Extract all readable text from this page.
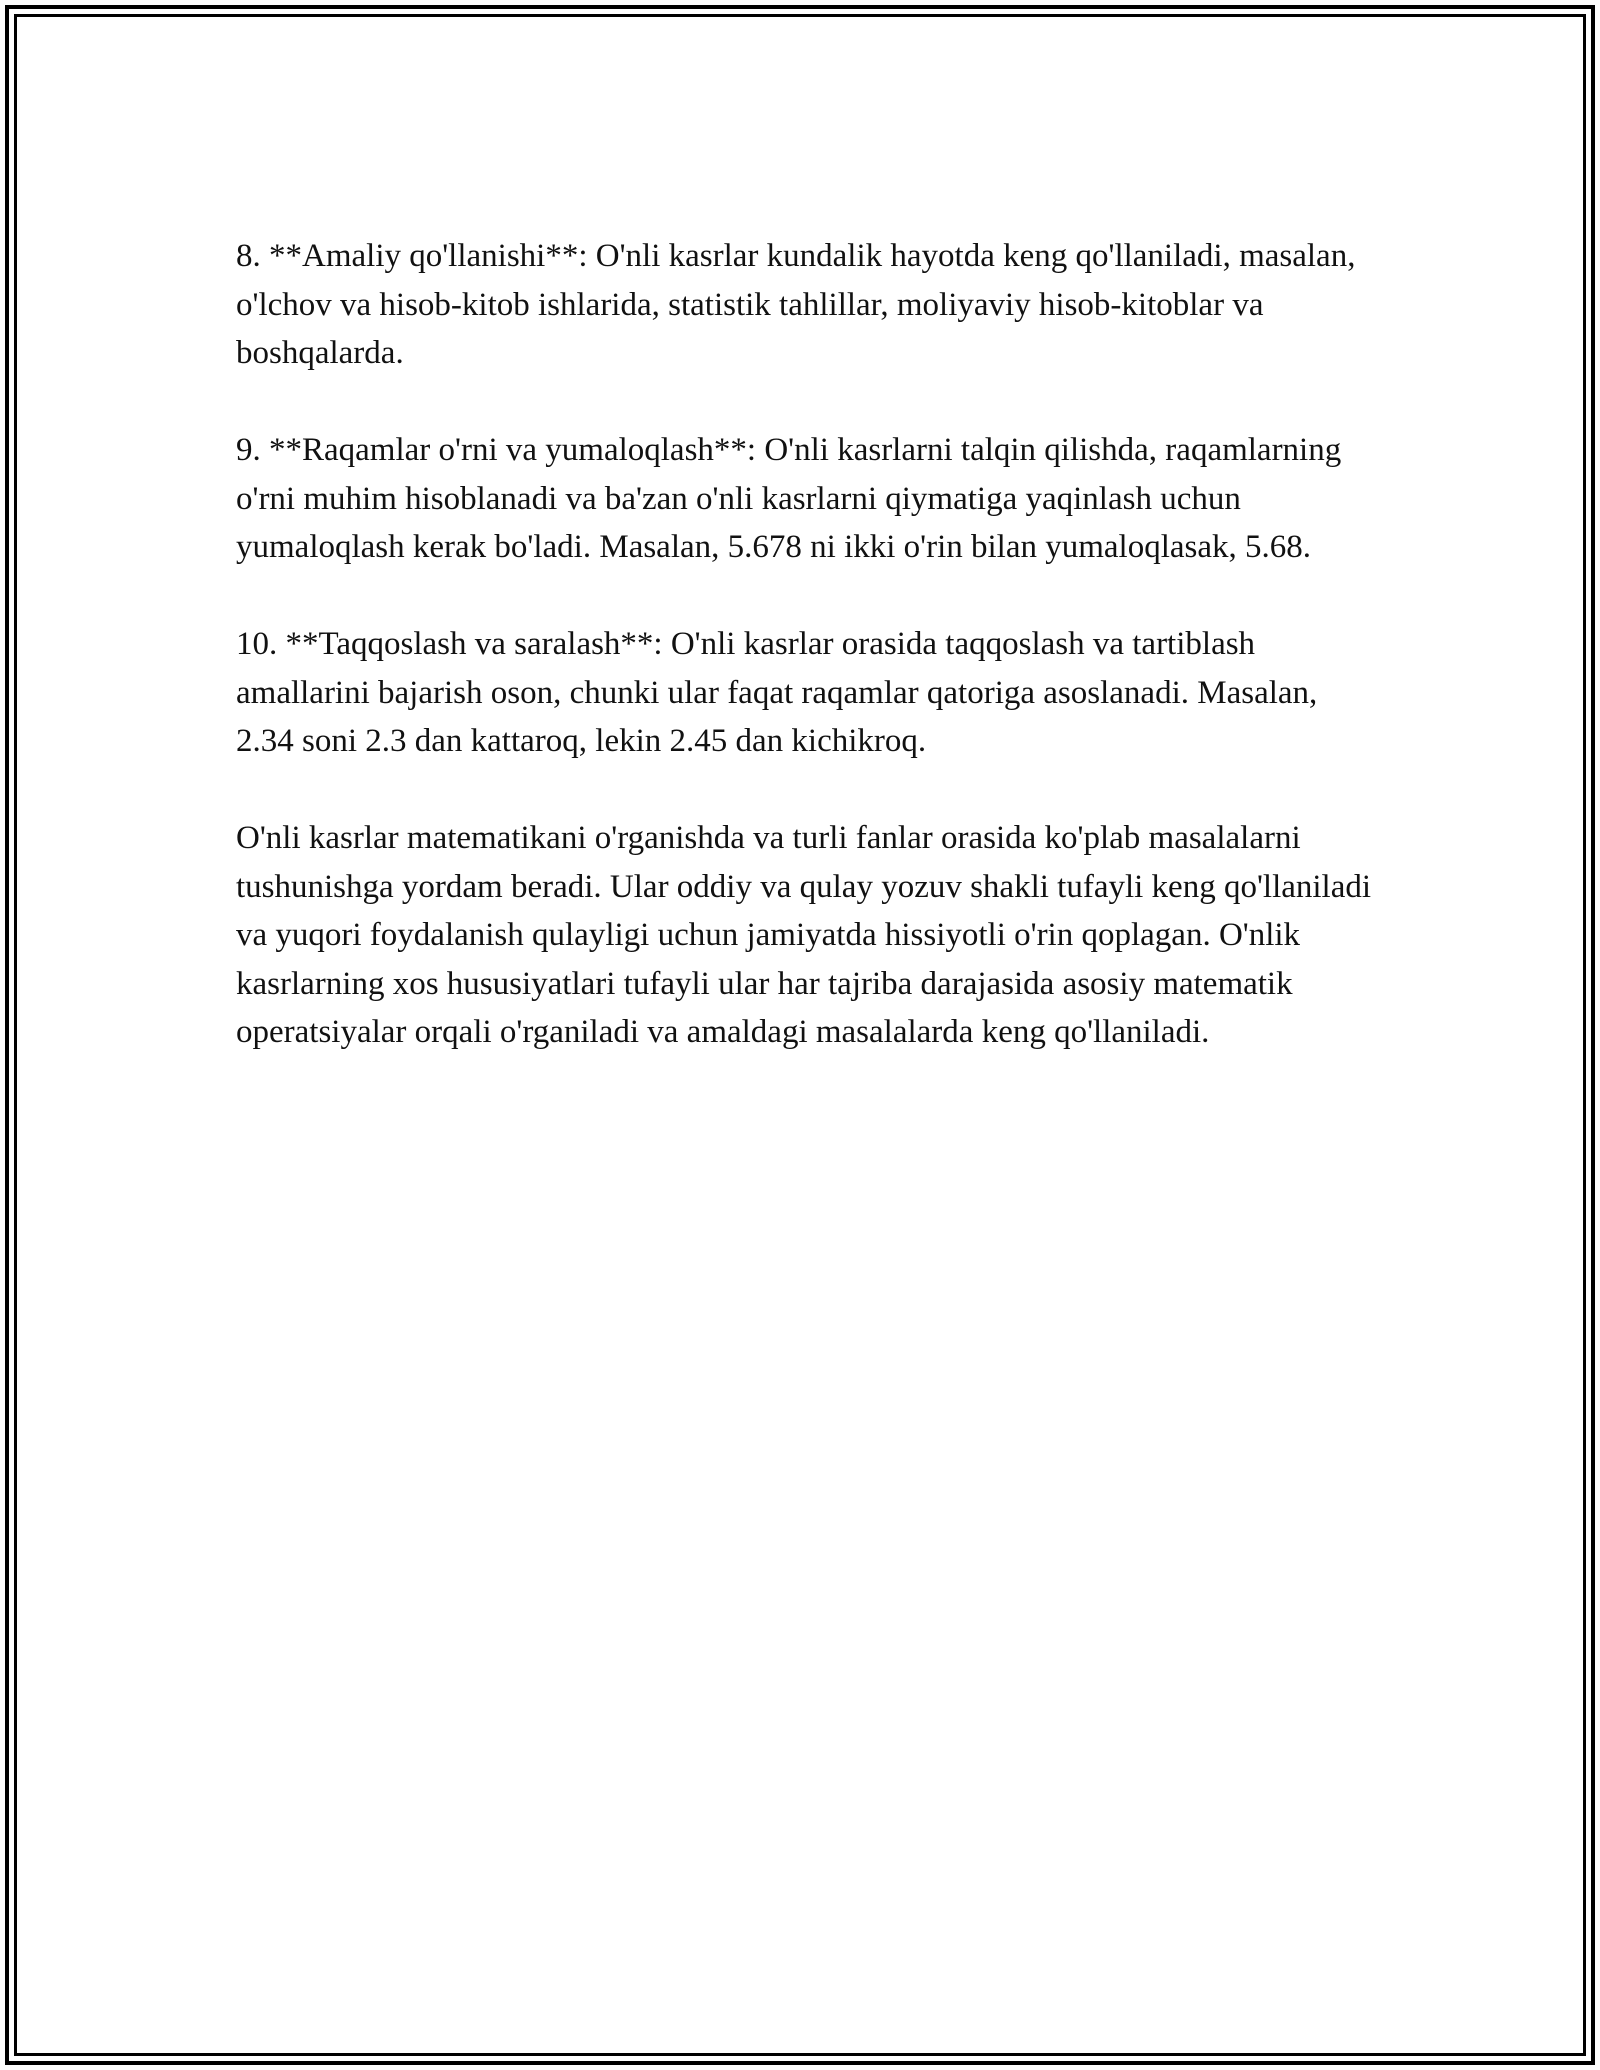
8. **Amaliy qo'llanishi**: O'nli kasrlar kundalik hayotda keng qo'llaniladi, masalan, o'lchov va hisob-kitob ishlarida, statistik tahlillar, moliyaviy hisob-kitoblar va boshqalarda.

9. **Raqamlar o'rni va yumaloqlash**: O'nli kasrlarni talqin qilishda, raqamlarning o'rni muhim hisoblanadi va ba'zan o'nli kasrlarni qiymatiga yaqinlash uchun yumaloqlash kerak bo'ladi. Masalan, 5.678 ni ikki o'rin bilan yumaloqlasak, 5.68.

10. **Taqqoslash va saralash**: O'nli kasrlar orasida taqqoslash va tartiblash amallarini bajarish oson, chunki ular faqat raqamlar qatoriga asoslanadi. Masalan, 2.34 soni 2.3 dan kattaroq, lekin 2.45 dan kichikroq.

O'nli kasrlar matematikani o'rganishda va turli fanlar orasida ko'plab masalalarni tushunishga yordam beradi. Ular oddiy va qulay yozuv shakli tufayli keng qo'llaniladi va yuqori foydalanish qulayligi uchun jamiyatda hissiyotli o'rin qoplagan. O'nlik kasrlarning xos hususiyatlari tufayli ular har tajriba darajasida asosiy matematik operatsiyalar orqali o'rganiladi va amaldagi masalalarda keng qo'llaniladi.
